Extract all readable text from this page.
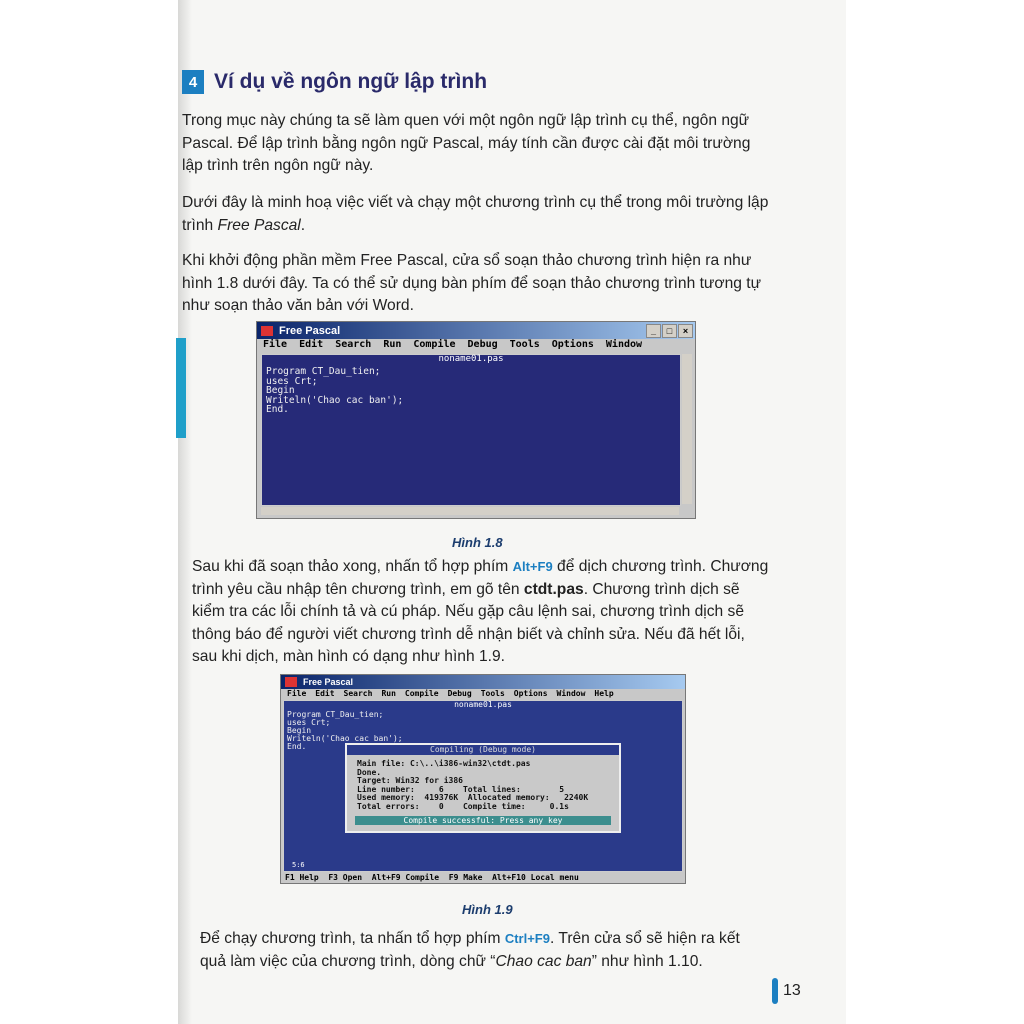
4 Ví dụ về ngôn ngữ lập trình
Trong mục này chúng ta sẽ làm quen với một ngôn ngữ lập trình cụ thể, ngôn ngữ Pascal. Để lập trình bằng ngôn ngữ Pascal, máy tính cần được cài đặt môi trường lập trình trên ngôn ngữ này.
Dưới đây là minh hoạ việc viết và chạy một chương trình cụ thể trong môi trường lập trình Free Pascal.
Khi khởi động phần mềm Free Pascal, cửa sổ soạn thảo chương trình hiện ra như hình 1.8 dưới đây. Ta có thể sử dụng bàn phím để soạn thảo chương trình tương tự như soạn thảo văn bản với Word.
Free Pascal	_	□	×
File Edit Search Run Compile Debug Tools Options Window
noname01.pas
Program CT_Dau_tien;
uses Crt;
Begin
Writeln('Chao cac ban');
End.
Hình 1.8
Sau khi đã soạn thảo xong, nhấn tổ hợp phím Alt+F9 để dịch chương trình. Chương trình yêu cầu nhập tên chương trình, em gõ tên ctdt.pas. Chương trình dịch sẽ kiểm tra các lỗi chính tả và cú pháp. Nếu gặp câu lệnh sai, chương trình dịch sẽ thông báo để người viết chương trình dễ nhận biết và chỉnh sửa. Nếu đã hết lỗi, sau khi dịch, màn hình có dạng như hình 1.9.
Free Pascal
File Edit Search Run Compile Debug Tools Options Window Help
noname01.pas
Program CT_Dau_tien;
uses Crt;
Begin
Writeln('Chao cac ban');
End.
5:6
Compiling (Debug mode)
Main file: C:\..\i386-win32\ctdt.pas
Done.
Target: Win32 for i386
Line number:     6    Total lines:        5
Used memory:  419376K  Allocated memory:   2240K
Total errors:    0    Compile time:     0.1s
Compile successful: Press any key
F1 Help  F3 Open  Alt+F9 Compile  F9 Make  Alt+F10 Local menu
Hình 1.9
Để chạy chương trình, ta nhấn tổ hợp phím Ctrl+F9. Trên cửa sổ sẽ hiện ra kết quả làm việc của chương trình, dòng chữ “Chao cac ban” như hình 1.10.
13
